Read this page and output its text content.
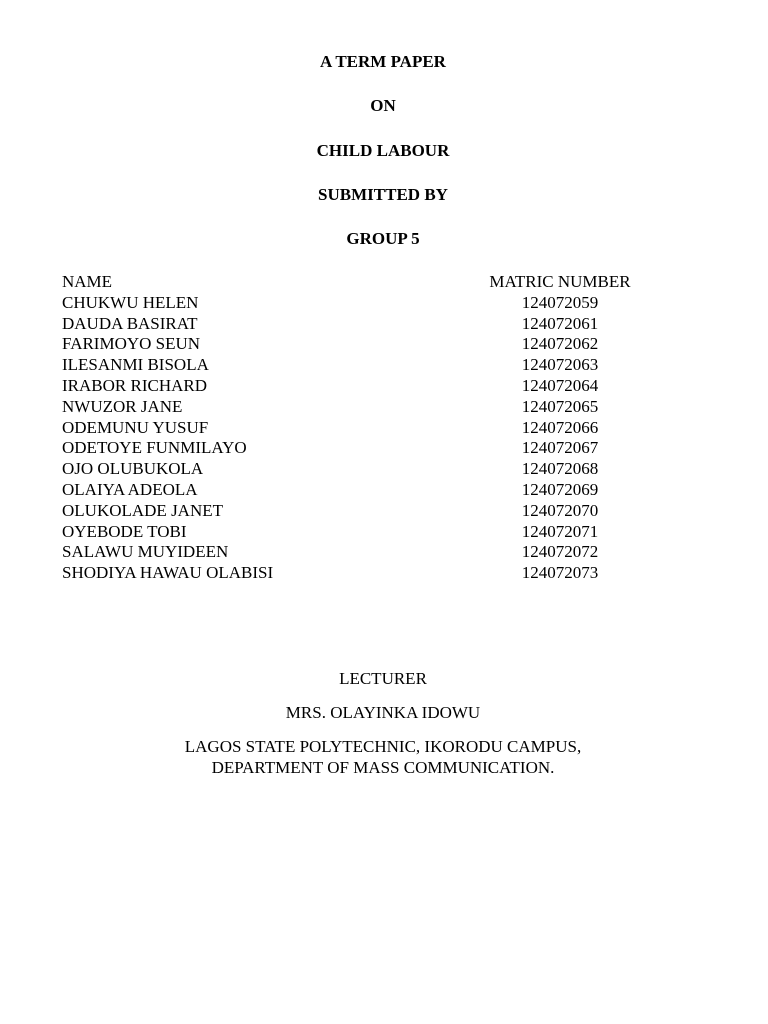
A TERM PAPER
ON
CHILD LABOUR
SUBMITTED BY
GROUP 5
NAME	MATRIC NUMBER
CHUKWU HELEN	124072059
DAUDA BASIRAT	124072061
FARIMOYO SEUN	124072062
ILESANMI BISOLA	124072063
IRABOR RICHARD	124072064
NWUZOR JANE	124072065
ODEMUNU YUSUF	124072066
ODETOYE FUNMILAYO	124072067
OJO OLUBUKOLA	124072068
OLAIYA ADEOLA	124072069
OLUKOLADE JANET	124072070
OYEBODE TOBI	124072071
SALAWU MUYIDEEN	124072072
SHODIYA HAWAU OLABISI	124072073
LECTURER
MRS. OLAYINKA IDOWU
LAGOS STATE POLYTECHNIC, IKORODU CAMPUS,
DEPARTMENT OF MASS COMMUNICATION.
